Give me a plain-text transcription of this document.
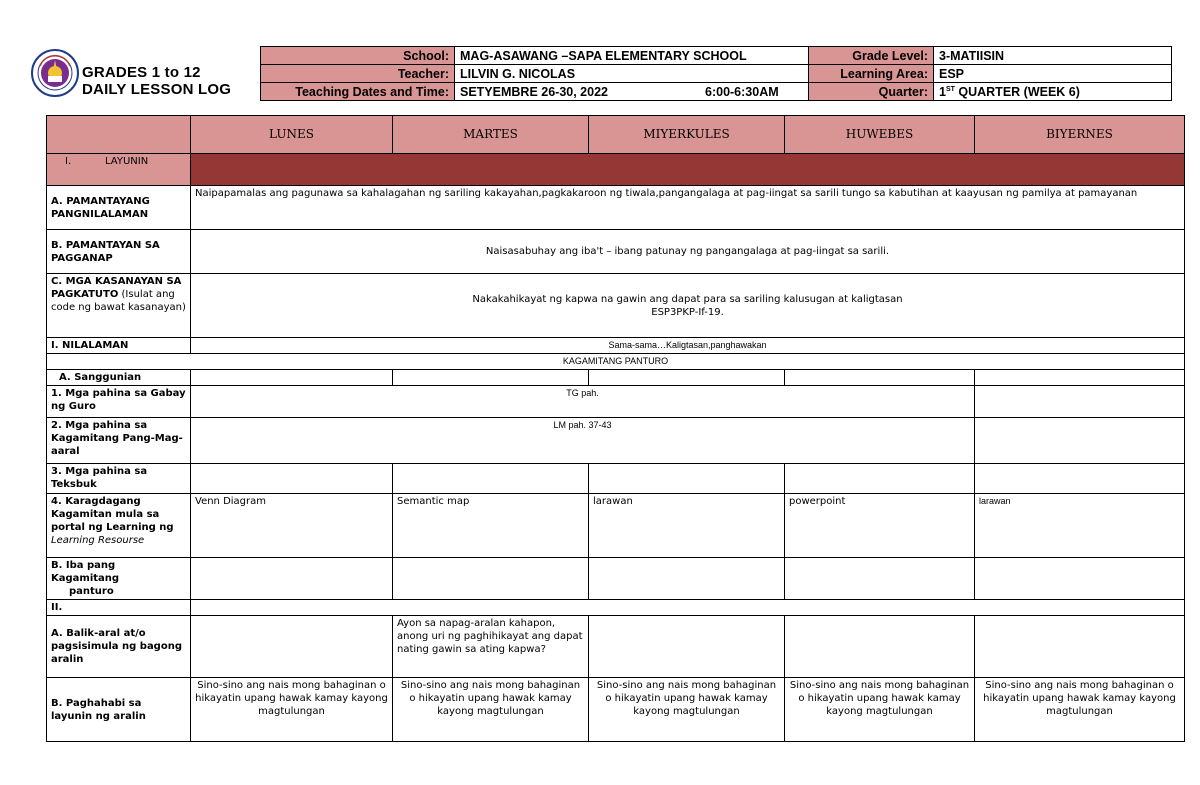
GRADES 1 to 12
DAILY LESSON LOG
School:	MAG-ASAWANG –SAPA ELEMENTARY SCHOOL	Grade Level:	3-MATIISIN
Teacher:	LILVIN G. NICOLAS	Learning Area:	ESP
Teaching Dates and Time:	SETYEMBRE 26-30, 2022 6:00-6:30AM	Quarter:	1ST QUARTER (WEEK 6)
	LUNES	MARTES	MIYERKULES	HUWEBES	BIYERNES
I. LAYUNIN					
A. PAMANTAYANG PANGNILALAMAN	Naipapamalas ang pagunawa sa kahalagahan ng sariling kakayahan,pagkakaroon ng tiwala,pangangalaga at pag-iingat sa sarili tungo sa kabutihan at kaayusan ng pamilya at pamayanan				
B. PAMANTAYAN SA PAGGANAP	Naisasabuhay ang iba't – ibang patunay ng pangangalaga at pag-iingat sa sarili.				
C. MGA KASANAYAN SA PAGKATUTO (Isulat ang code ng bawat kasanayan)	Nakakahikayat ng kapwa na gawin ang dapat para sa sariling kalusugan at kaligtasan
ESP3PKP-If-19.				

I. NILALAMAN	Sama-sama…Kaligtasan,panghawakan				
KAGAMITANG PANTURO					
A. Sanggunian					
1. Mga pahina sa Gabay ng Guro	TG pah.				
2. Mga pahina sa Kagamitang Pang-Mag-aaral	LM pah. 37-43				
3. Mga pahina sa Teksbuk					
4. Karagdagang Kagamitan mula sa portal ng Learning ng Learning Resourse	Venn Diagram	Semantic map	larawan	powerpoint	larawan

B. Iba pang Kagamitang
panturo					

II.					
A. Balik-aral at/o pagsisimula ng bagong aralin		Ayon sa napag-aralan kahapon, anong uri ng paghihikayat ang dapat nating gawin sa ating kapwa?			
B. Paghahabi sa layunin ng aralin	Sino-sino ang nais mong bahaginan o hikayatin upang hawak kamay kayong magtulungan	Sino-sino ang nais mong bahaginan o hikayatin upang hawak kamay kayong magtulungan	Sino-sino ang nais mong bahaginan o hikayatin upang hawak kamay kayong magtulungan	Sino-sino ang nais mong bahaginan o hikayatin upang hawak kamay kayong magtulungan	Sino-sino ang nais mong bahaginan o hikayatin upang hawak kamay kayong magtulungan
